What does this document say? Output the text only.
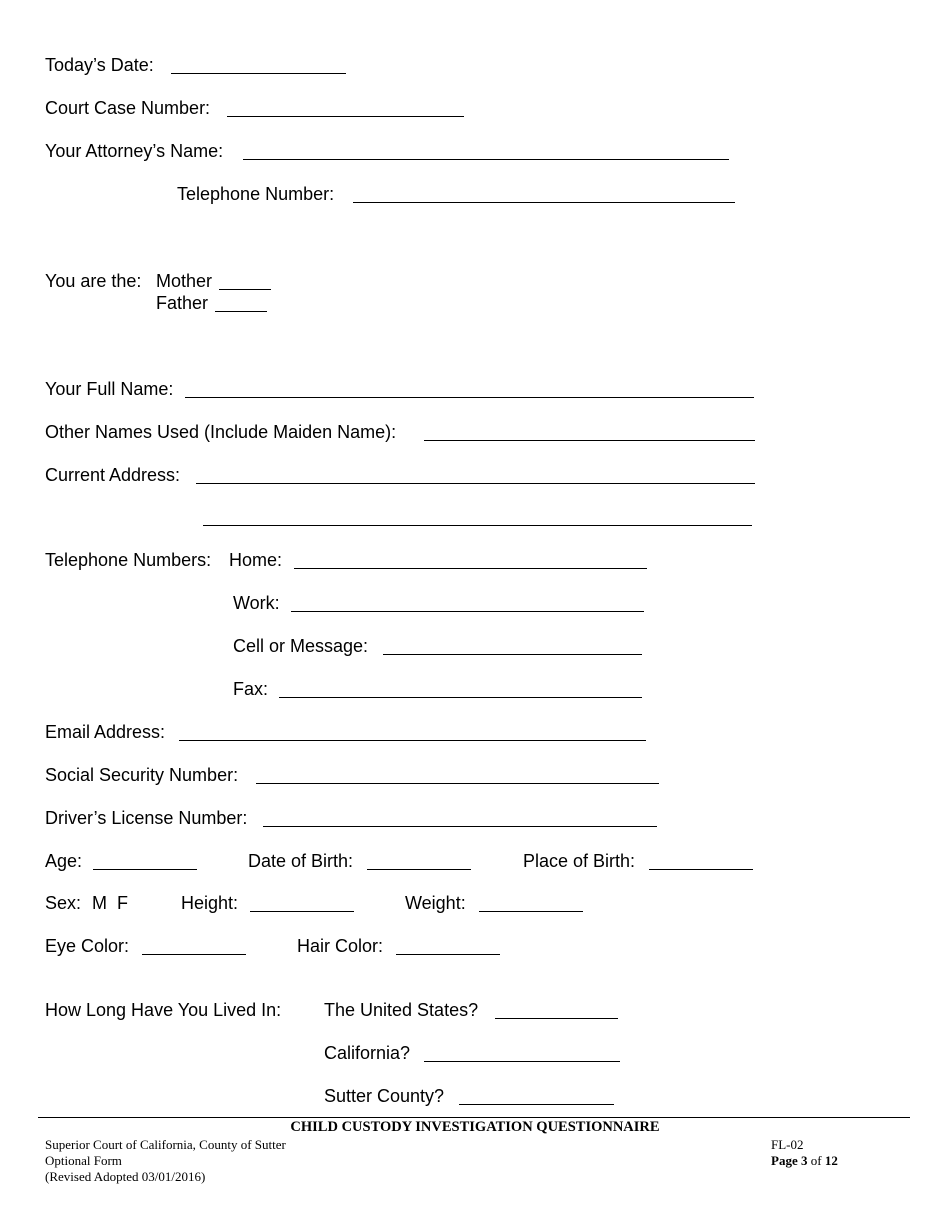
Today’s Date:
Court Case Number:
Your Attorney’s Name:
Telephone Number:
You are the: Mother
Father
Your Full Name:
Other Names Used (Include Maiden Name):
Current Address:
Telephone Numbers: Home:
Work:
Cell or Message:
Fax:
Email Address:
Social Security Number:
Driver’s License Number:
Age:	Date of Birth:	Place of Birth:
Sex: M  F	Height:	Weight:
Eye Color:	Hair Color:
How Long Have You Lived In: The United States?
California?
Sutter County?
CHILD CUSTODY INVESTIGATION QUESTIONNAIRE
Superior Court of California, County of Sutter
Optional Form
(Revised Adopted 03/01/2016)
FL-02
Page 3 of 12
